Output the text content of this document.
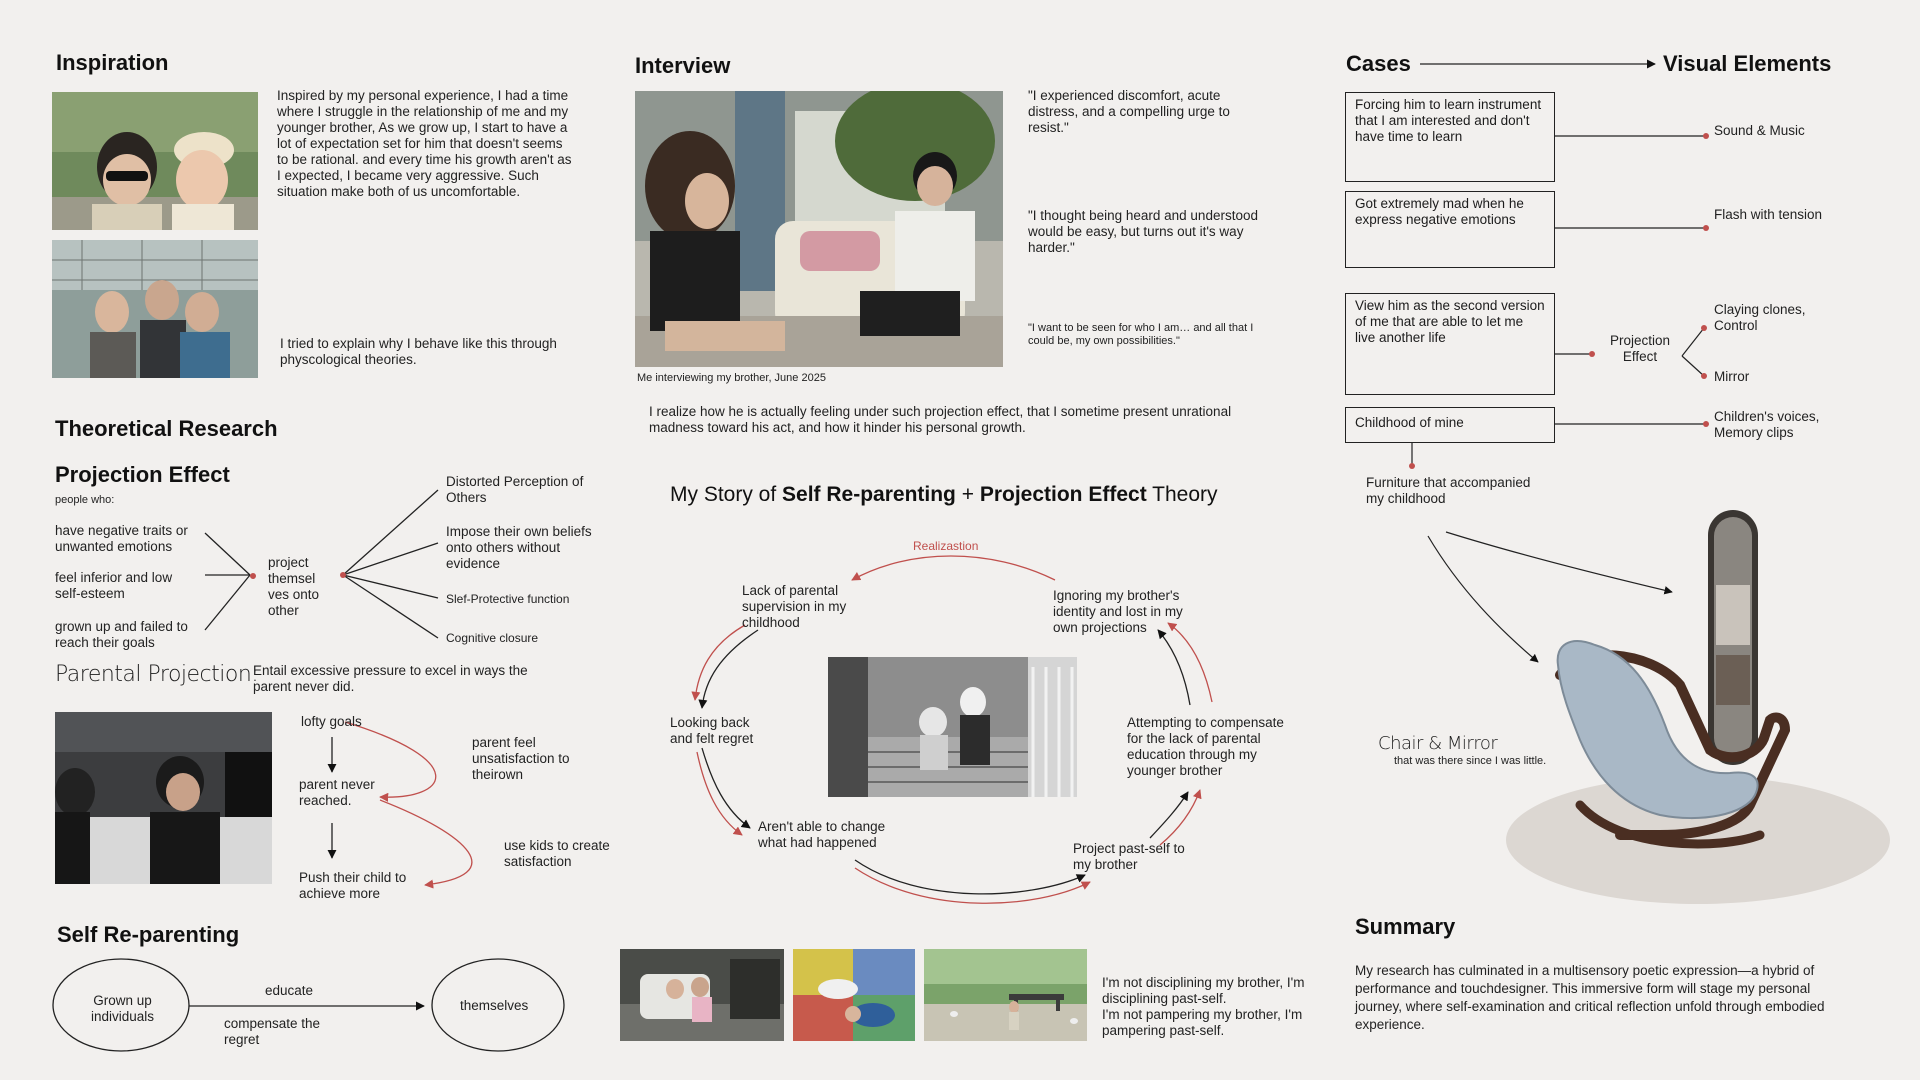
Inspiration
Inspired by my personal experience, I had a time where I struggle in the relationship of me and my younger brother, As we grow up, I start to have a lot of expectation set for him that doesn't seems to be rational. and every time his growth aren't as I expected, I became very aggressive. Such situation make both of us uncomfortable.
I tried to explain why I behave like this through physcological theories.
Theoretical Research
Projection Effect
people who:
have negative traits or unwanted emotions
feel inferior and low self-esteem
grown up and failed to reach their goals
project themsel ves onto other
Distorted Perception of Others
Impose their own beliefs onto others without evidence
Slef-Protective function
Cognitive closure
Parental Projection:
Entail excessive pressure to excel in ways the parent never did.
lofty goals
parent never reached.
Push their child to achieve more
parent feel unsatisfaction to theirown
use kids to create satisfaction
Self Re-parenting
Grown up individuals
themselves
educate
compensate the regret
Interview
Me interviewing my brother, June 2025
"I experienced discomfort, acute distress, and a compelling urge to resist."
"I thought being heard and understood would be easy, but turns out it's way harder."
"I want to be seen for who I am… and all that I could be, my own possibilities."
I realize how he is actually feeling under such projection effect, that I sometime present unrational madness toward his act, and how it hinder his personal growth.
My Story of Self Re-parenting + Projection Effect Theory
Realizastion
Lack of parental supervision in my childhood
Ignoring my brother's identity and lost in my own projections
Looking back and felt regret
Attempting to compensate for the lack of parental education through my younger brother
Aren't able to change what had happened	Project past-self to my brother
I'm not disciplining my brother, I'm disciplining past-self.
I'm not pampering my brother, I'm pampering past-self.
Cases	Visual Elements
Forcing him to learn instrument that I am interested and don't have time to learn
Got extremely mad when he express negative emotions
View him as the second version of me that are able to let me live another life
Childhood of mine
Projection Effect
Sound & Music
Flash with tension
Claying clones, Control
Mirror
Children's voices, Memory clips
Furniture that accompanied my childhood
Chair & Mirror
that was there since I was little.
Summary
My research has culminated in a multisensory poetic expression—a hybrid of performance and touchdesigner. This immersive form will stage my personal journey, where self-examination and critical reflection unfold through embodied experience.
